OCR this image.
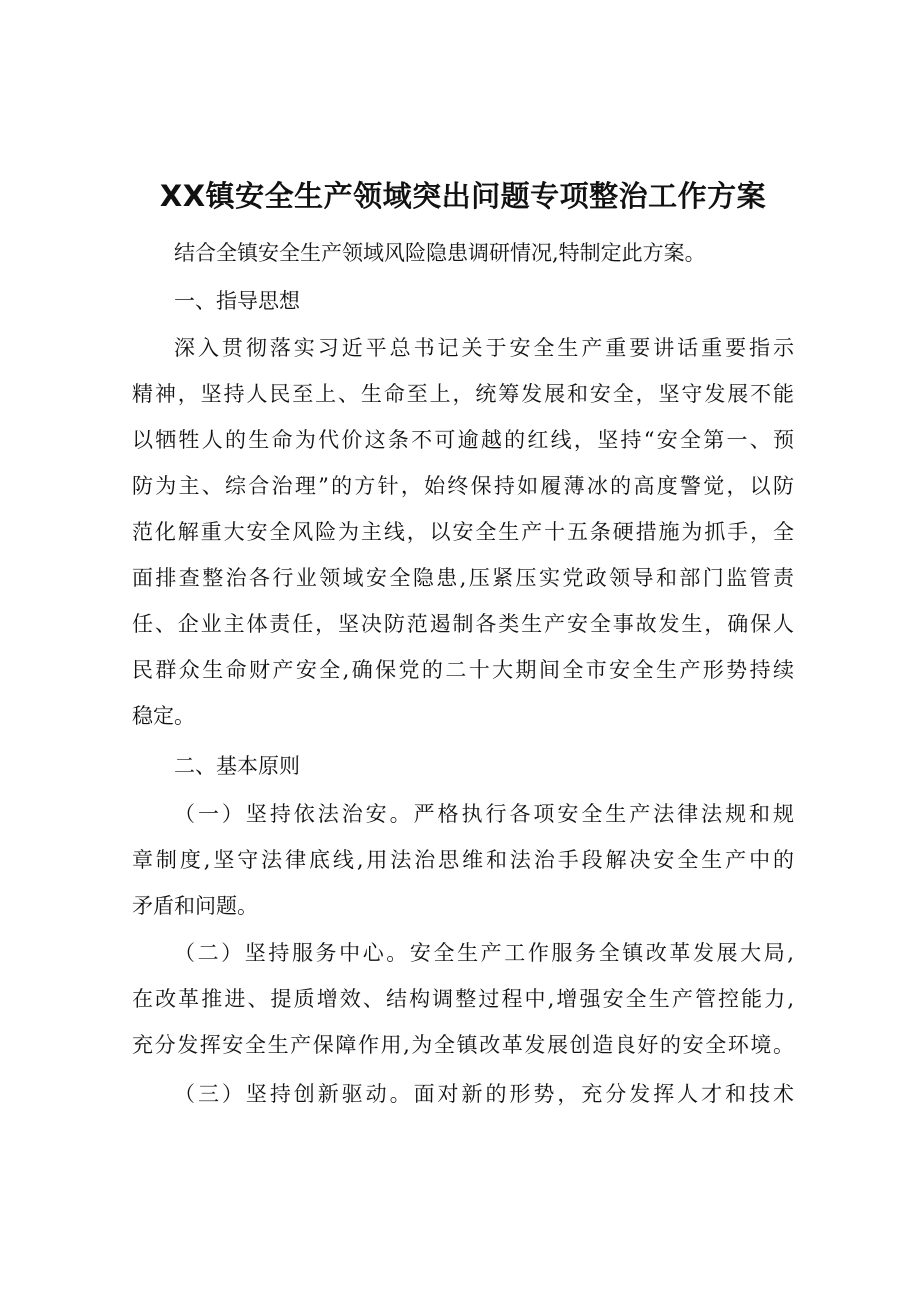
XX镇安全生产领域突出问题专项整治工作方案

结合全镇安全生产领域风险隐患调研情况,特制定此方案。

一、指导思想

深入贯彻落实习近平总书记关于安全生产重要讲话重要指示
精神，坚持人民至上、生命至上，统筹发展和安全，坚守发展不能
以牺牲人的生命为代价这条不可逾越的红线，坚持“安全第一、预
防为主、综合治理”的方针，始终保持如履薄冰的高度警觉，以防
范化解重大安全风险为主线，以安全生产十五条硬措施为抓手，全
面排查整治各行业领域安全隐患,压紧压实党政领导和部门监管责
任、企业主体责任，坚决防范遏制各类生产安全事故发生，确保人
民群众生命财产安全,确保党的二十大期间全市安全生产形势持续
稳定。

二、基本原则

（一）坚持依法治安。严格执行各项安全生产法律法规和规
章制度,坚守法律底线,用法治思维和法治手段解决安全生产中的
矛盾和问题。

（二）坚持服务中心。安全生产工作服务全镇改革发展大局,
在改革推进、提质增效、结构调整过程中,增强安全生产管控能力,
充分发挥安全生产保障作用,为全镇改革发展创造良好的安全环境。

（三）坚持创新驱动。面对新的形势，充分发挥人才和技术
